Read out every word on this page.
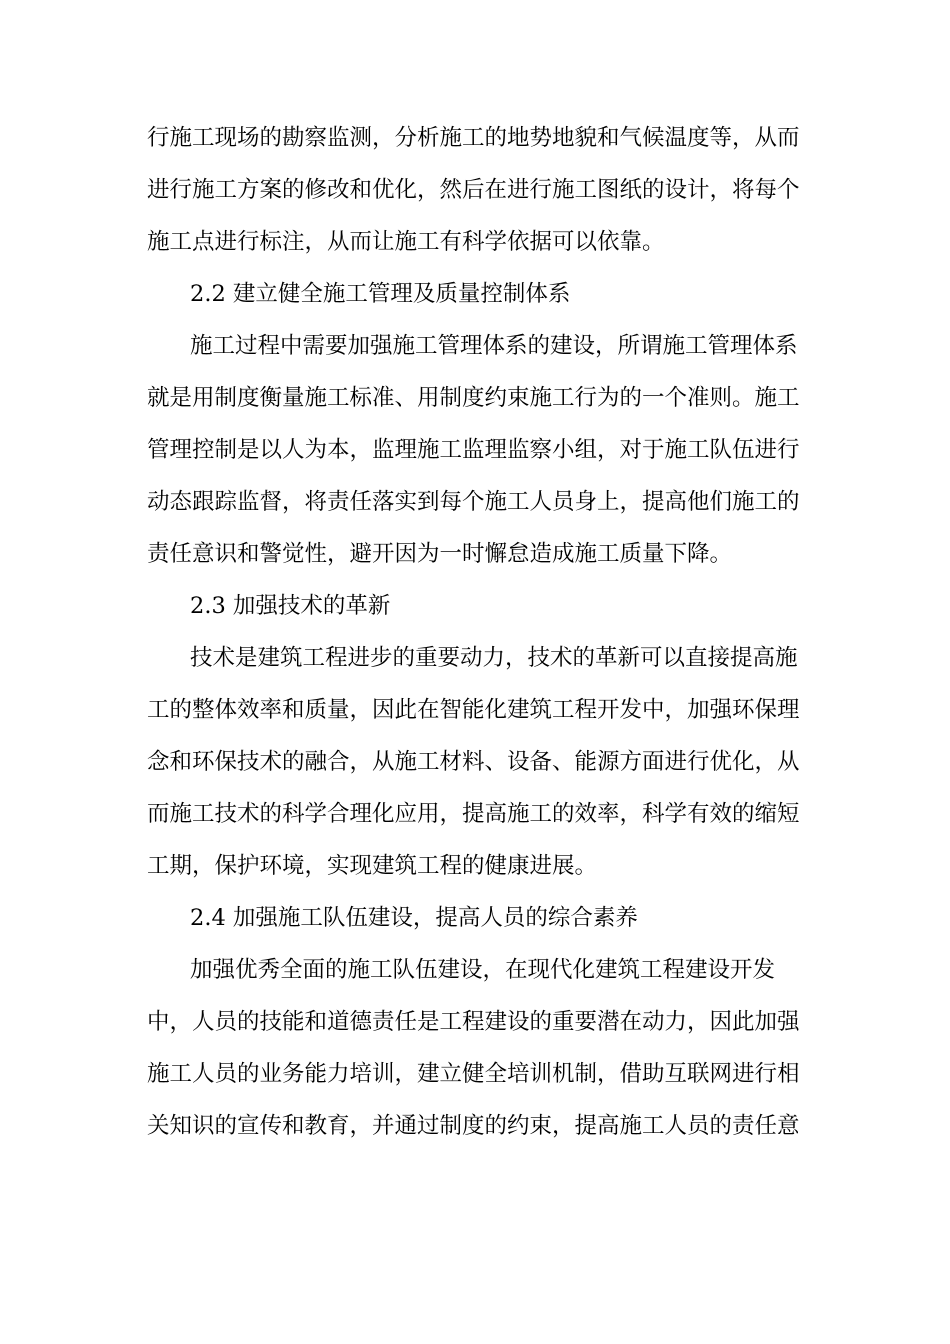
行施工现场的勘察监测，分析施工的地势地貌和气候温度等，从而
进行施工方案的修改和优化，然后在进行施工图纸的设计，将每个
施工点进行标注，从而让施工有科学依据可以依靠。
2.2 建立健全施工管理及质量控制体系
施工过程中需要加强施工管理体系的建设，所谓施工管理体系
就是用制度衡量施工标准、用制度约束施工行为的一个准则。施工
管理控制是以人为本，监理施工监理监察小组，对于施工队伍进行
动态跟踪监督，将责任落实到每个施工人员身上，提高他们施工的
责任意识和警觉性，避开因为一时懈怠造成施工质量下降。
2.3 加强技术的革新
技术是建筑工程进步的重要动力，技术的革新可以直接提高施
工的整体效率和质量，因此在智能化建筑工程开发中，加强环保理
念和环保技术的融合，从施工材料、设备、能源方面进行优化，从
而施工技术的科学合理化应用，提高施工的效率，科学有效的缩短
工期，保护环境，实现建筑工程的健康进展。
2.4 加强施工队伍建设，提高人员的综合素养
加强优秀全面的施工队伍建设，在现代化建筑工程建设开发
中，人员的技能和道德责任是工程建设的重要潜在动力，因此加强
施工人员的业务能力培训，建立健全培训机制，借助互联网进行相
关知识的宣传和教育，并通过制度的约束，提高施工人员的责任意
